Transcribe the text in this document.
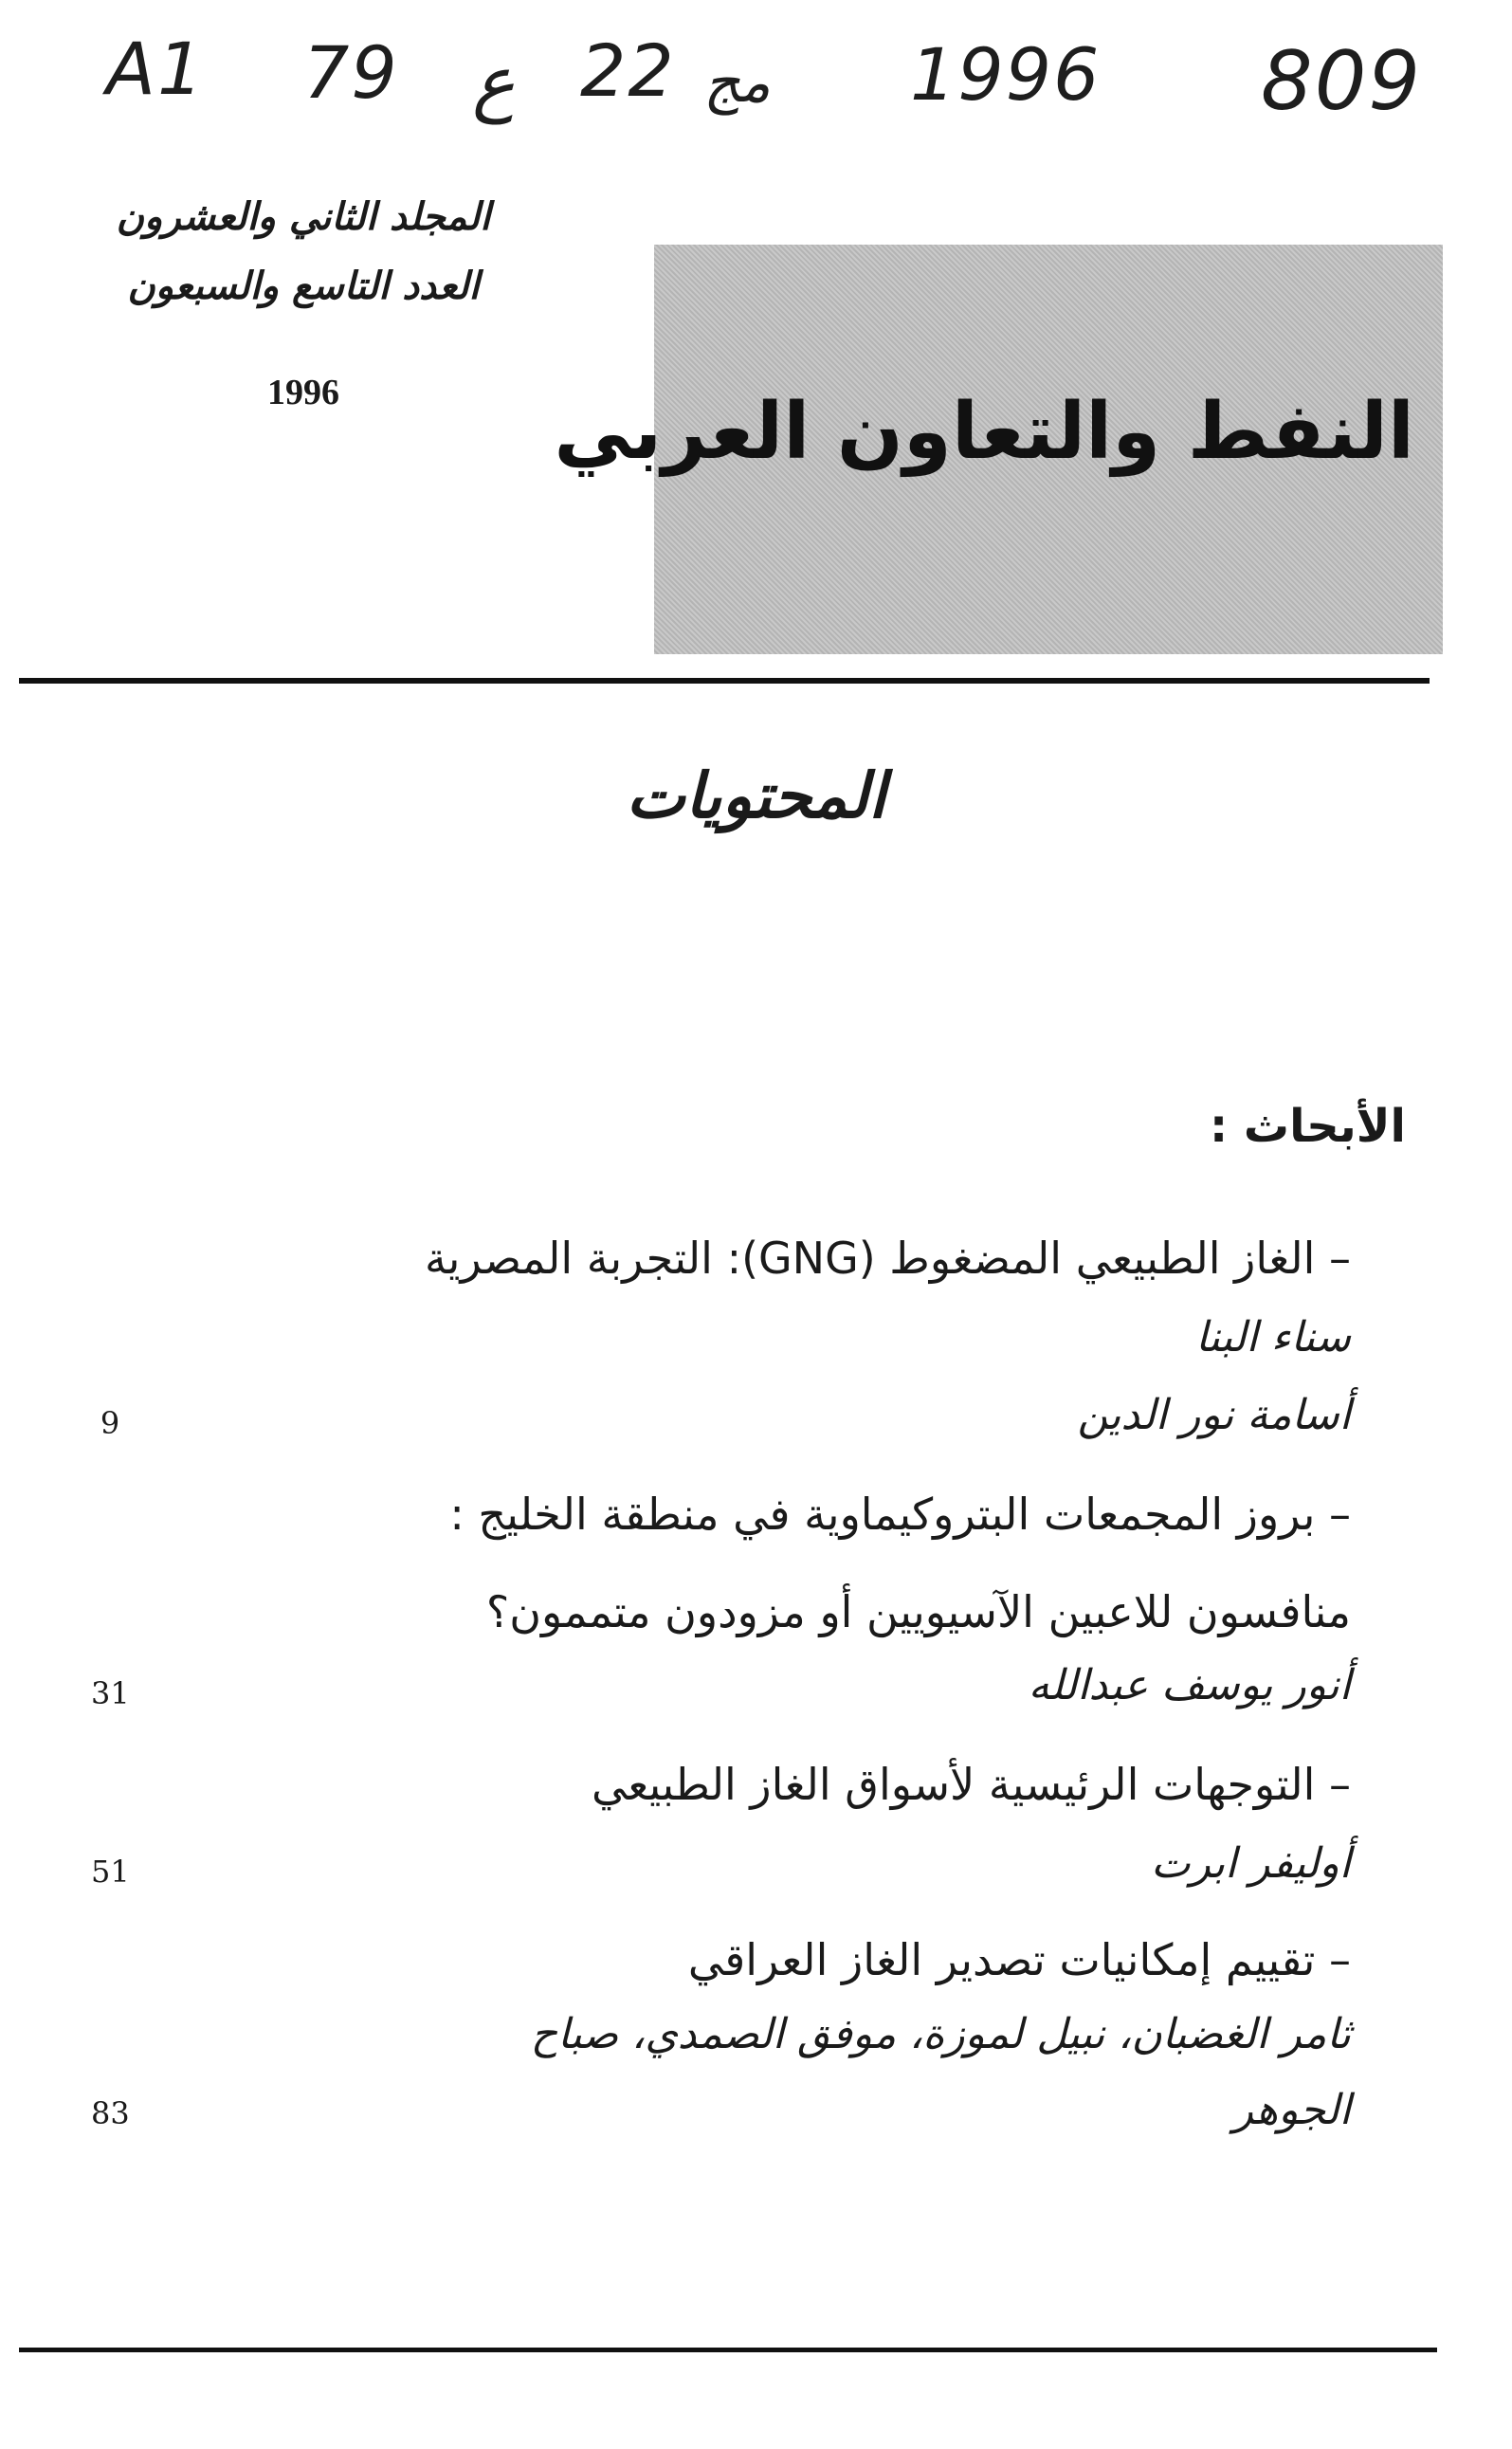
A1 79 ع 22 مج 1996 809
المجلد الثاني والعشرون
العدد التاسع والسبعون
1996	النفط والتعاون العربي
المحتويات
الأبحاث :
– الغاز الطبيعي المضغوط (GNG): التجربة المصرية
سناء البنا
أسامة نور الدين
9
– بروز المجمعات البتروكيماوية في منطقة الخليج :
منافسون للاعبين الآسيويين أو مزودون متممون؟
أنور يوسف عبدالله
31
– التوجهات الرئيسية لأسواق الغاز الطبيعي
أوليفر ابرت
51
– تقييم إمكانيات تصدير الغاز العراقي
ثامر الغضبان، نبيل لموزة، موفق الصمدي، صباح
الجوهر
83
